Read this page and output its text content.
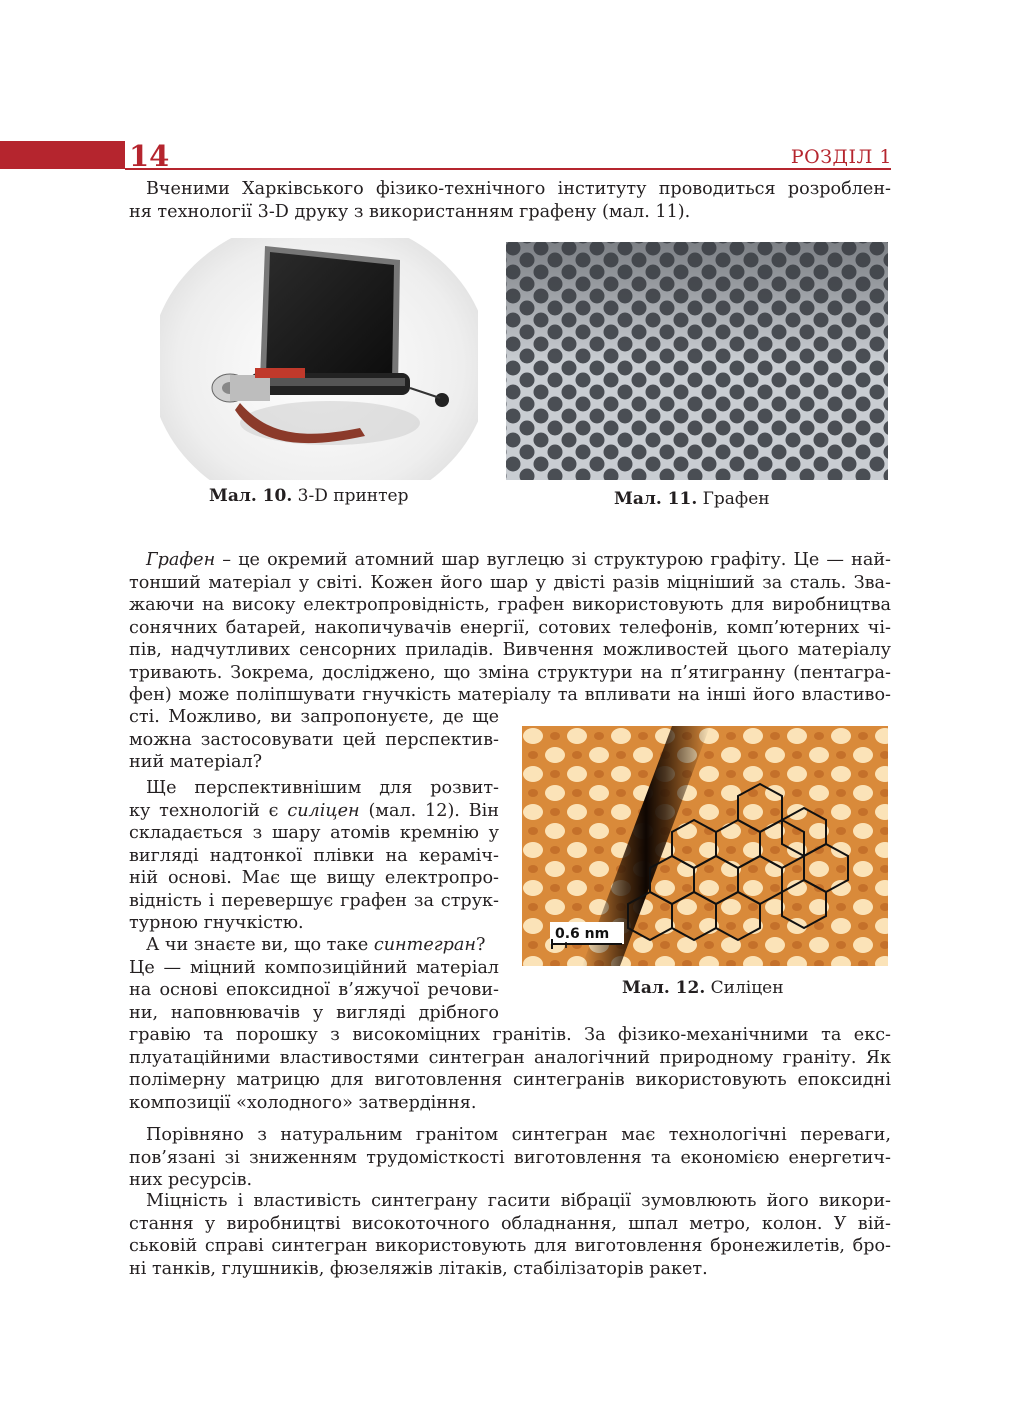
14	РОЗДІЛ 1
Вченими Харківського фізико-технічного інституту проводиться розроблен-
ня технології 3-D друку з використанням графену (мал. 11).
Мал. 10. 3-D принтер	Мал. 11. Графен
Графен – це окремий атомний шар вуглецю зі структурою графіту. Це — най-
тонший матеріал у світі. Кожен його шар у двісті разів міцніший за сталь. Зва-
жаючи на високу електропровідність, графен використовують для виробництва
сонячних батарей, накопичувачів енергії, сотових телефонів, комп’ютерних чі-
пів, надчутливих сенсорних приладів. Вивчення можливостей цього матеріалу
тривають. Зокрема, досліджено, що зміна структури на п’ятигранну (пентагра-
фен) може поліпшувати гнучкість матеріалу та впливати на інші його властиво-
сті. Можливо, ви запропонуєте, де ще
можна застосовувати цей перспектив-
ний матеріал?
Ще перспективнішим для розвит-
ку технологій є силіцен (мал. 12). Він
складається з шару атомів кремнію у
вигляді надтонкої плівки на кераміч-
ній основі. Має ще вищу електропро-
відність і перевершує графен за струк-
турною гнучкістю.
0.6 nm
Мал. 12. Силіцен
А чи знаєте ви, що таке синтегран?
Це — міцний композиційний матеріал
на основі епоксидної в’яжучої речови-
ни, наповнювачів у вигляді дрібного
гравію та порошку з високоміцних гранітів. За фізико-механічними та екс-
плуатаційними властивостями синтегран аналогічний природному граніту. Як
полімерну матрицю для виготовлення синтегранів використовують епоксидні
композиції «холодного» затвердіння.
Порівняно з натуральним гранітом синтегран має технологічні переваги,
пов’язані зі зниженням трудомісткості виготовлення та економією енергетич-
них ресурсів.
Міцність і властивість синтеграну гасити вібрації зумовлюють його викори-
стання у виробництві високоточного обладнання, шпал метро, колон. У вій-
ськовій справі синтегран використовують для виготовлення бронежилетів, бро-
ні танків, глушників, фюзеляжів літаків, стабілізаторів ракет.
